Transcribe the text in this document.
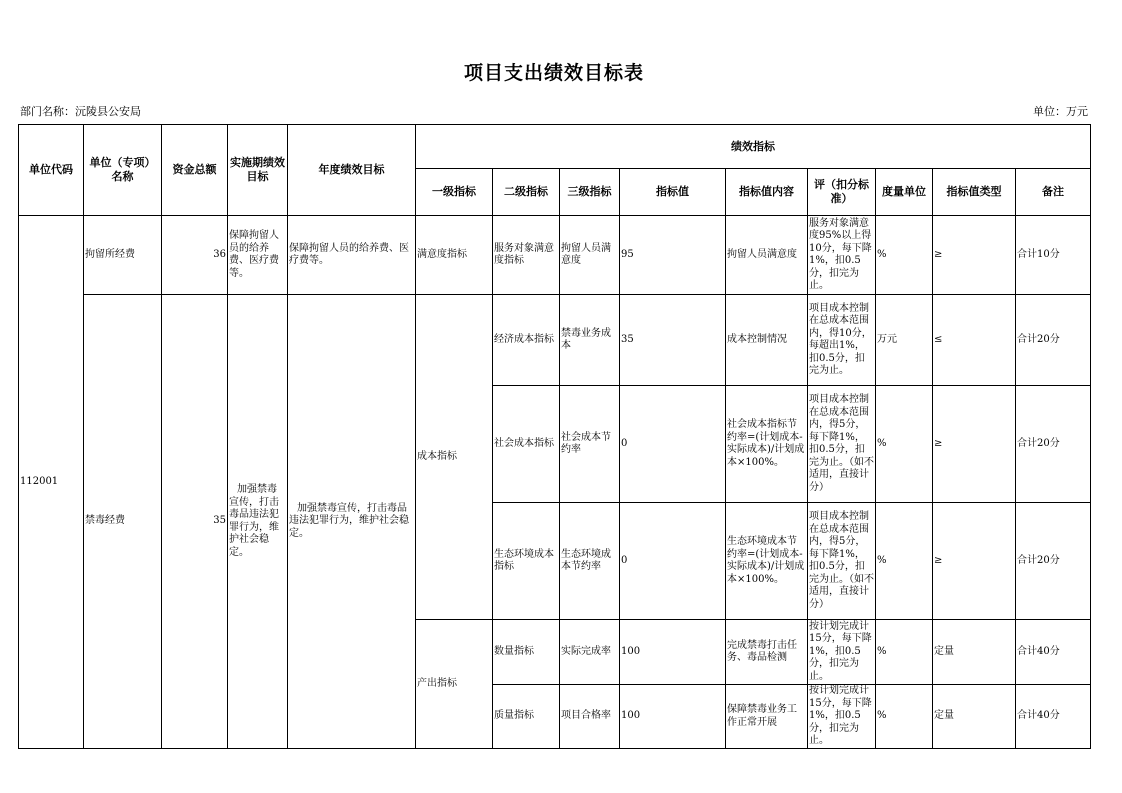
项目支出绩效目标表
部门名称：沅陵县公安局	单位：万元
单位代码	单位（专项）名称	资金总额	实施期绩效目标	年度绩效目标	绩效指标								
					一级指标	二级指标	三级指标	指标值	指标值内容	评（扣分标准）	度量单位	指标值类型	备注
112001	拘留所经费	36	保障拘留人员的给养费、医疗费等。	保障拘留人员的给养费、医疗费等。	满意度指标	服务对象满意度指标	拘留人员满意度	95	拘留人员满意度	服务对象满意度95%以上得10分，每下降1%，扣0.5分，扣完为止。	%	≥	合计10分
	禁毒经费	35	加强禁毒宣传，打击毒品违法犯罪行为，维护社会稳定。	加强禁毒宣传，打击毒品违法犯罪行为，维护社会稳定。	成本指标	经济成本指标	禁毒业务成本	35	成本控制情况	项目成本控制在总成本范围内，得10分，每超出1%，扣0.5分，扣完为止。	万元	≤	合计20分
						社会成本指标	社会成本节约率	0	社会成本指标节约率=(计划成本-实际成本)/计划成本×100%。	项目成本控制在总成本范围内，得5分，每下降1%，扣0.5分，扣完为止。（如不适用，直接计分）	%	≥	合计20分
						生态环境成本指标	生态环境成本节约率	0	生态环境成本节约率=(计划成本-实际成本)/计划成本×100%。	项目成本控制在总成本范围内，得5分，每下降1%，扣0.5分，扣完为止。（如不适用，直接计分）	%	≥	合计20分
					产出指标	数量指标	实际完成率	100	完成禁毒打击任务、毒品检测	按计划完成计15分，每下降1%，扣0.5分，扣完为止。	%	定量	合计40分
						质量指标	项目合格率	100	保障禁毒业务工作正常开展	按计划完成计15分，每下降1%，扣0.5分，扣完为止。	%	定量	合计40分
